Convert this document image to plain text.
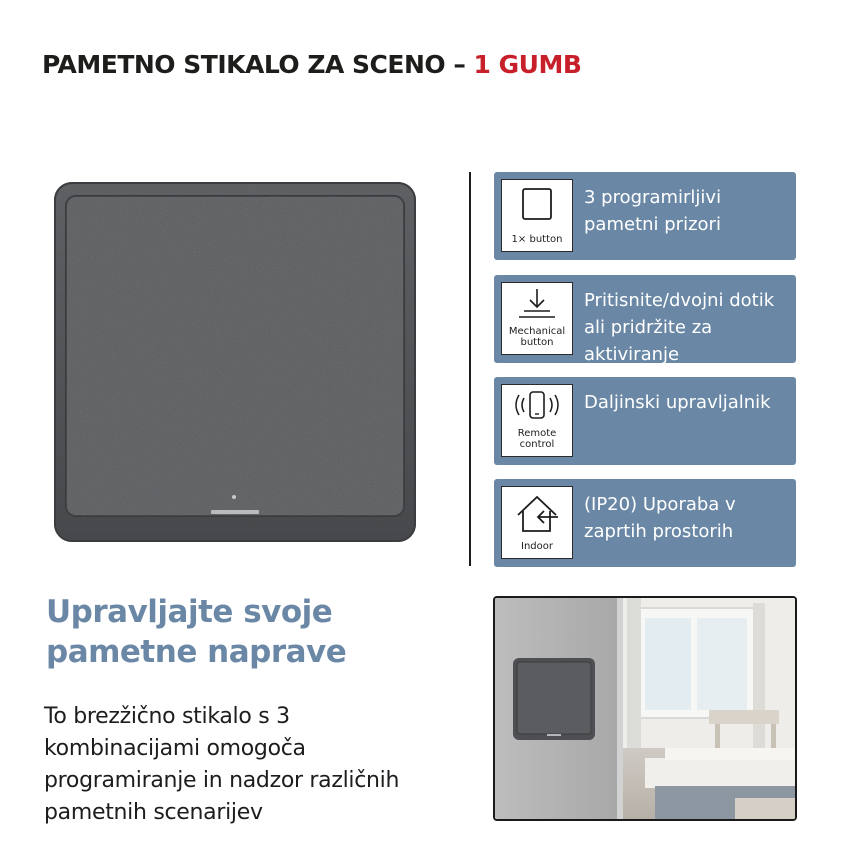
PAMETNO STIKALO ZA SCENO – 1 GUMB
1× button
3 programirljivi pametni prizori
Mechanical button
Pritisnite/dvojni dotik ali pridržite za aktiviranje
Remote control
Daljinski upravljalnik
Indoor
(IP20) Uporaba v zaprtih prostorih
Upravljajte svoje pametne naprave
To brezžično stikalo s 3 kombinacijami omogoča programiranje in nadzor različnih pametnih scenarijev
